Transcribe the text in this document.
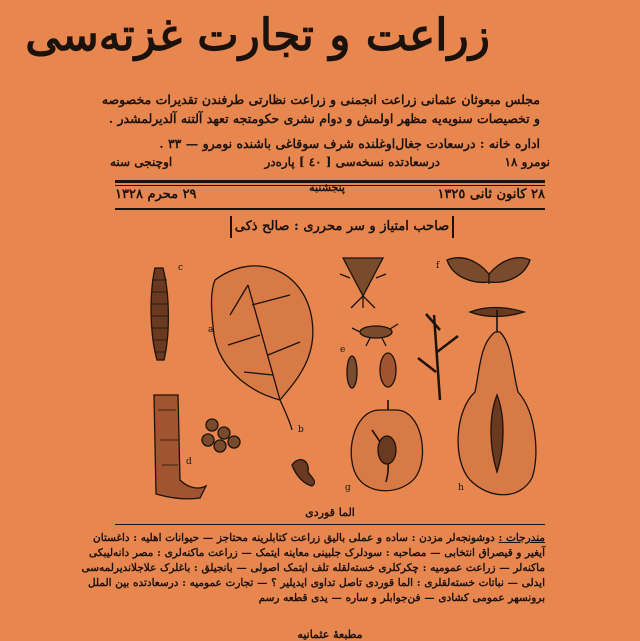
زراعت و تجارت غزته‌سی
مجلس مبعوثان عثمانی زراعت انجمنی و زراعت نظارتی طرفندن تقدیرات مخصوصه
و تخصیصات سنویه‌یه مظهر اولمش و دوام نشری حکومتجه تعهد آلتنه آلدیرلمشدر .
اداره خانه : درسعادت جغال‌اوغلنده شرف سوقاغی باشنده نومرو — ٣٣ .
نومرو ١٨
درسعادتده نسخه‌سی [ ٤٠ ] پاره‌در
اوچنجی سنه
٢٨ کانون ثانی ١٣٢٥
پنجشنبه
٢٩ محرم ١٣٢٨
صاحب امتیاز و سر محرری : صالح ذکی
c
a
b
d
e
f
g	h
الما قوردی

مندرجات : دوشونجه‌لر مزدن : ساده و عملی بالیق زراعت کتابلرینه محتاجز — حیوانات اهلیه : داغستان

آیغیر و قیصراق انتخابی — مصاحبه : سودلرک جلبینی معاینه ایتمک — زراعت ماکنه‌لری : مصر دانه‌لیبکی

ماکنه‌لر — زراعت عمومیه : چکرکلری خسته‌لقله تلف ایتمک اصولی — بانجیلق : باغلرک علاجلاندیرلمه‌سی

ایدلی — نباتات خسته‌لقلری : الما قوردی تاصل تداوی ایدیلیر ؟ — تجارت عمومیه : درسعادتده بین الملل

برونسهر عمومی کشادی — فن‌جوابلر و ساره — یدی قطعه رسم

مطبعۀ عثمانیه
